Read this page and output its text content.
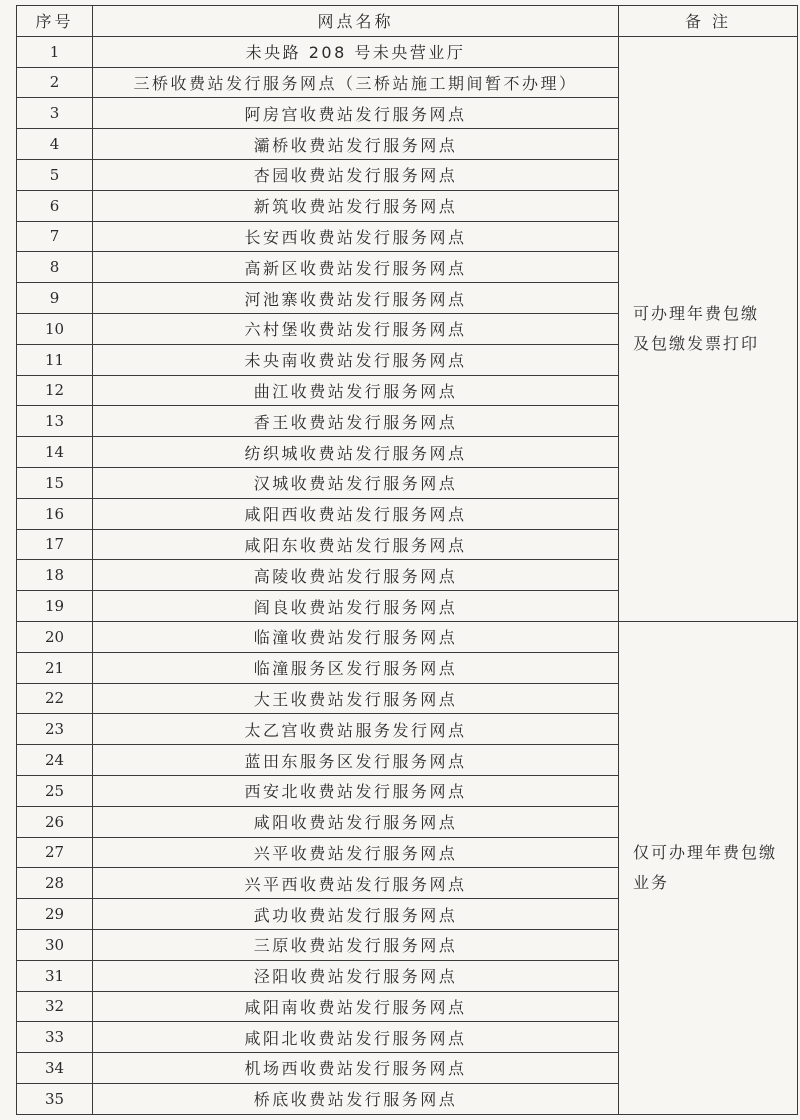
序号	网点名称	备 注
1	未央路 208 号未央营业厅	可办理年费包缴
及包缴发票打印

2	三桥收费站发行服务网点（三桥站施工期间暂不办理）	
3	阿房宫收费站发行服务网点	
4	灞桥收费站发行服务网点	
5	杏园收费站发行服务网点	
6	新筑收费站发行服务网点	
7	长安西收费站发行服务网点	
8	高新区收费站发行服务网点	
9	河池寨收费站发行服务网点	
10	六村堡收费站发行服务网点	
11	未央南收费站发行服务网点	
12	曲江收费站发行服务网点	
13	香王收费站发行服务网点	
14	纺织城收费站发行服务网点	
15	汉城收费站发行服务网点	
16	咸阳西收费站发行服务网点	
17	咸阳东收费站发行服务网点	
18	高陵收费站发行服务网点	
19	阎良收费站发行服务网点	
20	临潼收费站发行服务网点	仅可办理年费包缴
业务

21	临潼服务区发行服务网点	
22	大王收费站发行服务网点	
23	太乙宫收费站服务发行网点	
24	蓝田东服务区发行服务网点	
25	西安北收费站发行服务网点	
26	咸阳收费站发行服务网点	
27	兴平收费站发行服务网点	
28	兴平西收费站发行服务网点	
29	武功收费站发行服务网点	
30	三原收费站发行服务网点	
31	泾阳收费站发行服务网点	
32	咸阳南收费站发行服务网点	
33	咸阳北收费站发行服务网点	
34	机场西收费站发行服务网点	
35	桥底收费站发行服务网点	
